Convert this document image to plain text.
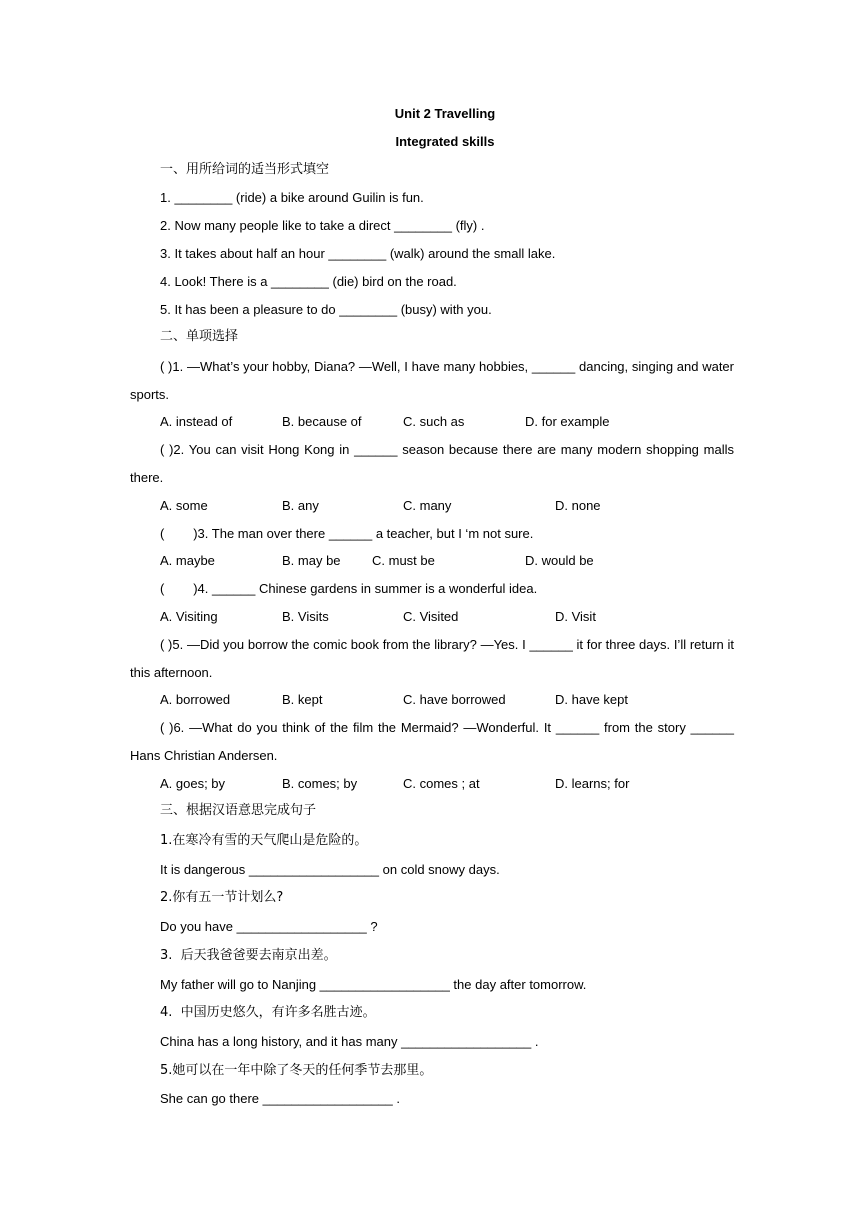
Unit 2 Travelling
Integrated skills
一、用所给词的适当形式填空
1. ________ (ride) a bike around Guilin is fun.
2. Now many people like to take a direct ________ (fly) .
3. It takes about half an hour ________ (walk) around the small lake.
4. Look! There is a ________ (die) bird on the road.
5. It has been a pleasure to do ________ (busy) with you.
二、单项选择
( )1. —What’s your hobby, Diana? —Well, I have many hobbies, ______ dancing, singing and water sports.
A. instead of	B. because of	C. such as	D. for example
( )2. You can visit Hong Kong in ______ season because there are many modern shopping malls there.
A. some	B. any	C. many	D. none
(        )3. The man over there ______ a teacher, but I ‘m not sure.
A. maybe	B. may be C. must be	D. would be
(        )4. ______ Chinese gardens in summer is a wonderful idea.
A. Visiting	B. Visits	C. Visited	D. Visit
( )5. —Did you borrow the comic book from the library? —Yes. I ______ it for three days. I’ll return it this afternoon.
A. borrowed	B. kept	C. have borrowed	D. have kept
( )6. —What do you think of the film the Mermaid? —Wonderful. It ______ from the story ______ Hans Christian Andersen.
A. goes; by	B. comes; by	C. comes ; at	D. learns; for
三、根据汉语意思完成句子
1.在寒冷有雪的天气爬山是危险的。
It is dangerous __________________ on cold snowy days.
2.你有五一节计划么?
Do you have __________________ ?
3.  后天我爸爸要去南京出差。
My father will go to Nanjing __________________ the day after tomorrow.
4.  中国历史悠久，有许多名胜古迹。
China has a long history, and it has many __________________ .
5.她可以在一年中除了冬天的任何季节去那里。
She can go there __________________ .
